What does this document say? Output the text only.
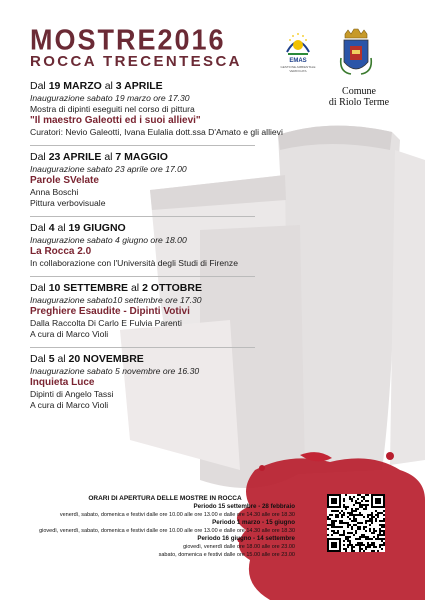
MOSTRE2016
ROCCA TRECENTESCA	EMAS
GESTIONE AMBIENTALE VERIFICATA
Comune
di Riolo Terme
Dal 19 MARZO al 3 APRILE
Inaugurazione sabato 19 marzo ore 17.30
Mostra di dipinti eseguiti nel corso di pittura
"Il maestro Galeotti ed i suoi allievi"
Curatori: Nevio Galeotti, Ivana Eulalia dott.ssa D'Amato e gli allievi
Dal 23 APRILE al 7 MAGGIO
Inaugurazione sabato 23 aprile ore 17.00
Parole SVelate
Anna Boschi
Pittura verbovisuale
Dal 4 al 19 GIUGNO
Inaugurazione sabato 4 giugno ore 18.00
La Rocca 2.0
In collaborazione con l'Università degli Studi di Firenze
Dal 10 SETTEMBRE al 2 OTTOBRE
Inaugurazione sabato10 settembre ore 17.30
Preghiere Esaudite - Dipinti Votivi
Dalla Raccolta Di Carlo E Fulvia Parenti
A cura di Marco Violi
Dal 5 al 20 NOVEMBRE
Inaugurazione sabato 5 novembre ore 16.30
Inquieta Luce
Dipinti di Angelo Tassi
A cura di Marco Violi
ORARI DI APERTURA DELLE MOSTRE IN ROCCA
Periodo 15 settembre - 28 febbraio
venerdì, sabato, domenica e festivi dalle ore 10.00 alle ore 13.00 e dalle ore 14.30 alle ore 18.30
Periodo 1 marzo - 15 giugno
giovedì, venerdì, sabato, domenica e festivi dalle ore 10.00 alle ore 13.00 e dalle ore 14.30 alle ore 18.30
Periodo 16 giugno - 14 settembre
giovedì, venerdì dalle ore 18.00 alle ore 23.00
sabato, domenica e festivi dalle ore 15.00 alle ore 23.00
